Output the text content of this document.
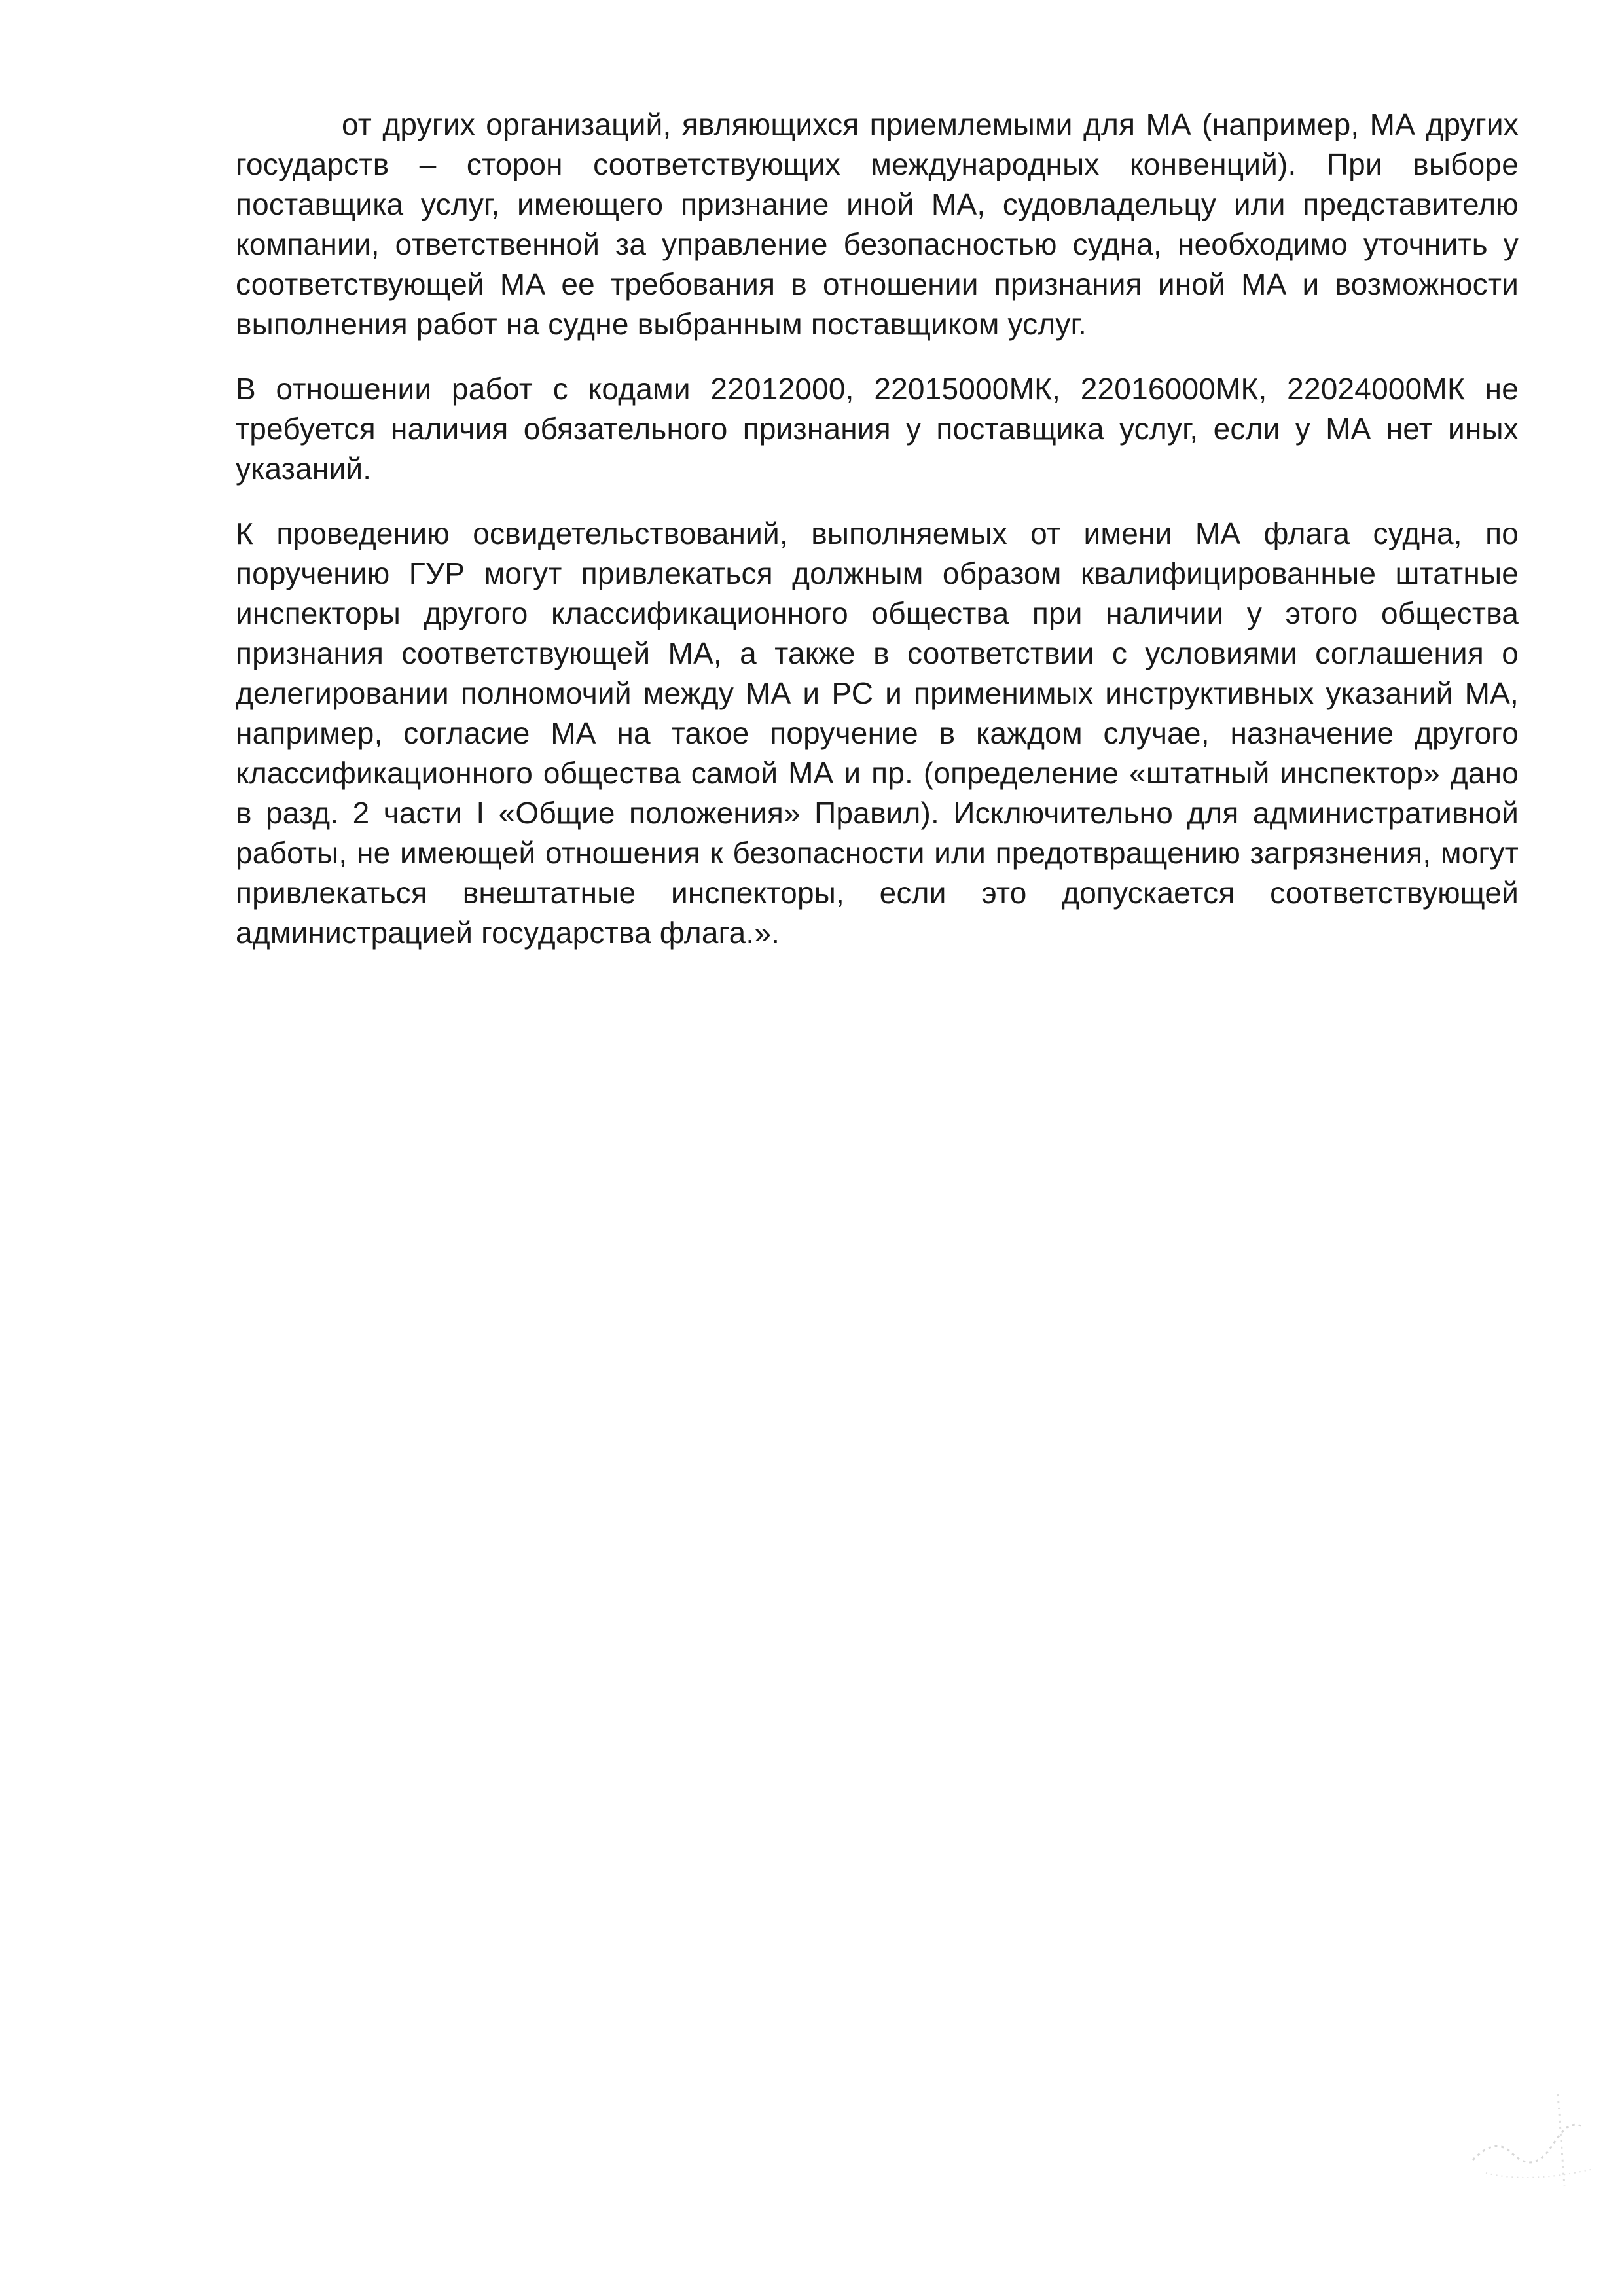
от других организаций, являющихся приемлемыми для МА (например, МА других государств – сторон соответствующих международных конвенций). При выборе поставщика услуг, имеющего признание иной МА, судовладельцу или представителю компании, ответственной за управление безопасностью судна, необходимо уточнить у соответствующей МА ее требования в отношении признания иной МА и возможности выполнения работ на судне выбранным поставщиком услуг.

В отношении работ с кодами 22012000, 22015000МК, 22016000МК, 22024000МК не требуется наличия обязательного признания у поставщика услуг, если у МА нет иных указаний.

К проведению освидетельствований, выполняемых от имени МА флага судна, по поручению ГУР могут привлекаться должным образом квалифицированные штатные инспекторы другого классификационного общества при наличии у этого общества признания соответствующей МА, а также в соответствии с условиями соглашения о делегировании полномочий между МА и РС и применимых инструктивных указаний МА, например, согласие МА на такое поручение в каждом случае, назначение другого классификационного общества самой МА и пр. (определение «штатный инспектор» дано в разд. 2 части I «Общие положения» Правил). Исключительно для административной работы, не имеющей отношения к безопасности или предотвращению загрязнения, могут привлекаться внештатные инспекторы, если это допускается соответствующей администрацией государства флага.».
